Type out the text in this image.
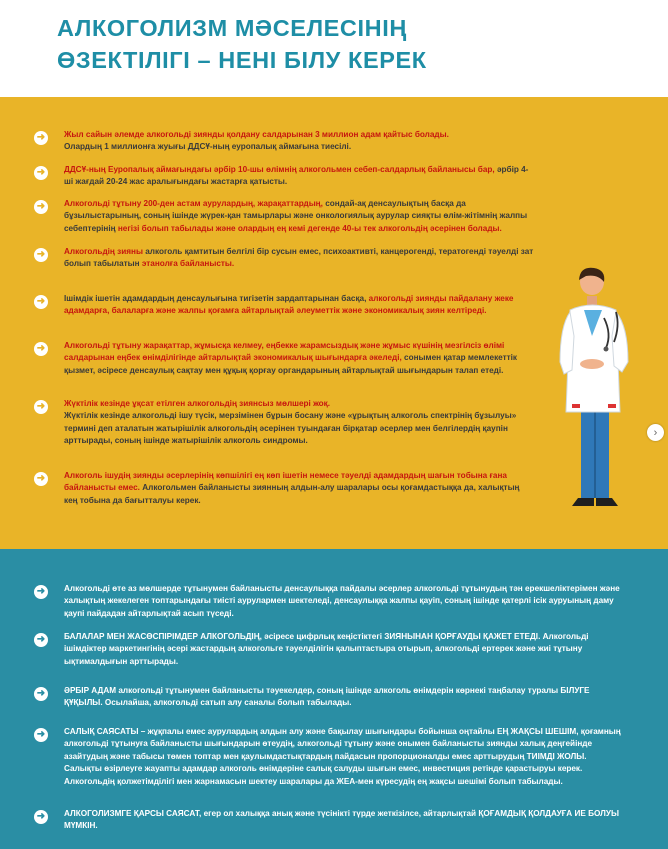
АЛКОГОЛИЗМ МӘСЕЛЕСІНІҢ
ӨЗЕКТІЛІГІ – НЕНІ БІЛУ КЕРЕК
➜	Жыл сайын әлемде алкогольді зиянды қолдану салдарынан 3 миллион адам қайтыс болады.
Олардың 1 миллионға жуығы ДДСҰ-ның еуропалық аймағына тиесілі.
➜	ДДСҰ-ның Еуропалық аймағындағы әрбір 10-шы өлімнің алкогольмен себеп-салдарлық байланысы бар, әрбір 4-ші жағдай 20-24 жас аралығындағы жастарға қатысты.
➜	Алкогольді тұтыну 200-ден астам аурулардың, жарақаттардың, сондай-ақ денсаулықтың басқа да бұзылыстарының, соның ішінде жүрек-қан тамырлары және онкологиялық аурулар сияқты өлім-жітімнің жалпы себептерінің негізі болып табылады және олардың ең кемі дегенде 40-ы тек алкогольдің әсерінен болады.
➜	Алкогольдің зияны алкоголь қамтитын белгілі бір сусын емес, психоактивті, канцерогенді, тератогенді тәуелді зат болып табылатын этанолға байланысты.
➜	Ішімдік ішетін адамдардың денсаулығына тигізетін зардаптарынан басқа, алкогольді зиянды пайдалану жеке адамдарға, балаларға және жалпы қоғамға айтарлықтай әлеуметтік және экономикалық зиян келтіреді.
➜	Алкогольді тұтыну жарақаттар, жұмысқа келмеу, еңбекке жарамсыздық және жұмыс күшінің мезгілсіз өлімі салдарынан еңбек өнімділігінде айтарлықтай экономикалық шығындарға әкеледі, сонымен қатар мемлекеттік қызмет, әсіресе денсаулық сақтау мен құқық қорғау органдарының айтарлықтай шығындарын талап етеді.
➜	Жүктілік кезінде ұқсат етілген алкогольдің зиянсыз мөлшері жоқ.
Жүктілік кезінде алкогольді ішу түсік, мерзімінен бұрын босану және «ұрықтың алкоголь спектрінің бұзылуы» термині деп аталатын жатырішілік алкогольдің әсерінен туындаған бірқатар әсерлер мен белгілердің қаупін арттырады, соның ішінде жатырішілік алкоголь синдромы.
➜	Алкоголь ішудің зиянды әсерлерінің көпшілігі ең көп ішетін немесе тәуелді адамдардың шағын тобына ғана байланысты емес. Алкогольмен байланысты зиянның алдын-алу шаралары осы қоғамдастыққа да, халықтың кең тобына да бағытталуы керек.
›
➜	Алкогольді өте аз мөлшерде тұтынумен байланысты денсаулыққа пайдалы әсерлер алкогольді тұтынудың тән ерекшеліктерімен және халықтың жекелеген топтарындағы тиісті аурулармен шектеледі, денсаулыққа жалпы қауіп, соның ішінде қатерлі ісік ауруының даму қаупі пайдадан айтарлықтай асып түседі.
➜	БАЛАЛАР МЕН ЖАСӨСПІРІМДЕР АЛКОГОЛЬДІҢ, әсіресе цифрлық кеңістіктегі ЗИЯНЫНАН ҚОРҒАУДЫ ҚАЖЕТ ЕТЕДІ. Алкогольді ішімдіктер маркетингінің әсері жастардың алкогольге тәуелділігін қалыптастыра отырып, алкогольді ертерек және жиі тұтыну ықтималдығын арттырады.
➜	ӘРБІР АДАМ алкогольді тұтынумен байланысты тәуекелдер, соның ішінде алкоголь өнімдерін көрнекі таңбалау туралы БІЛУГЕ ҚҰҚЫЛЫ. Осылайша, алкогольді сатып алу саналы болып табылады.
➜	САЛЫҚ САЯСАТЫ – жұқпалы емес аурулардың алдын алу және бақылау шығындары бойынша оңтайлы ЕҢ ЖАҚСЫ ШЕШІМ, қоғамның алкогольді тұтынуға байланысты шығындарын өтеудің, алкогольді тұтыну және онымен байланысты зиянды халық деңгейінде азайтудың және табысы төмен топтар мен қаулымдастықтардың пайдасын пропорционалды емес арттырудың ТИІМДІ ЖОЛЫ. Салықты өзірлеуге жауапты адамдар алкоголь өнімдеріне салық салуды шығын емес, инвестиция ретінде қарастыруы керек. Алкогольдің қолжетімділігі мен жарнамасын шектеу шаралары да ЖЕА-мен күресудің ең жақсы шешімі болып табылады.
➜	АЛКОГОЛИЗМГЕ ҚАРСЫ САЯСАТ, егер ол халыққа анық және түсінікті түрде жеткізілсе, айтарлықтай ҚОҒАМДЫҚ ҚОЛДАУҒА ИЕ БОЛУЫ МҮМКІН.
